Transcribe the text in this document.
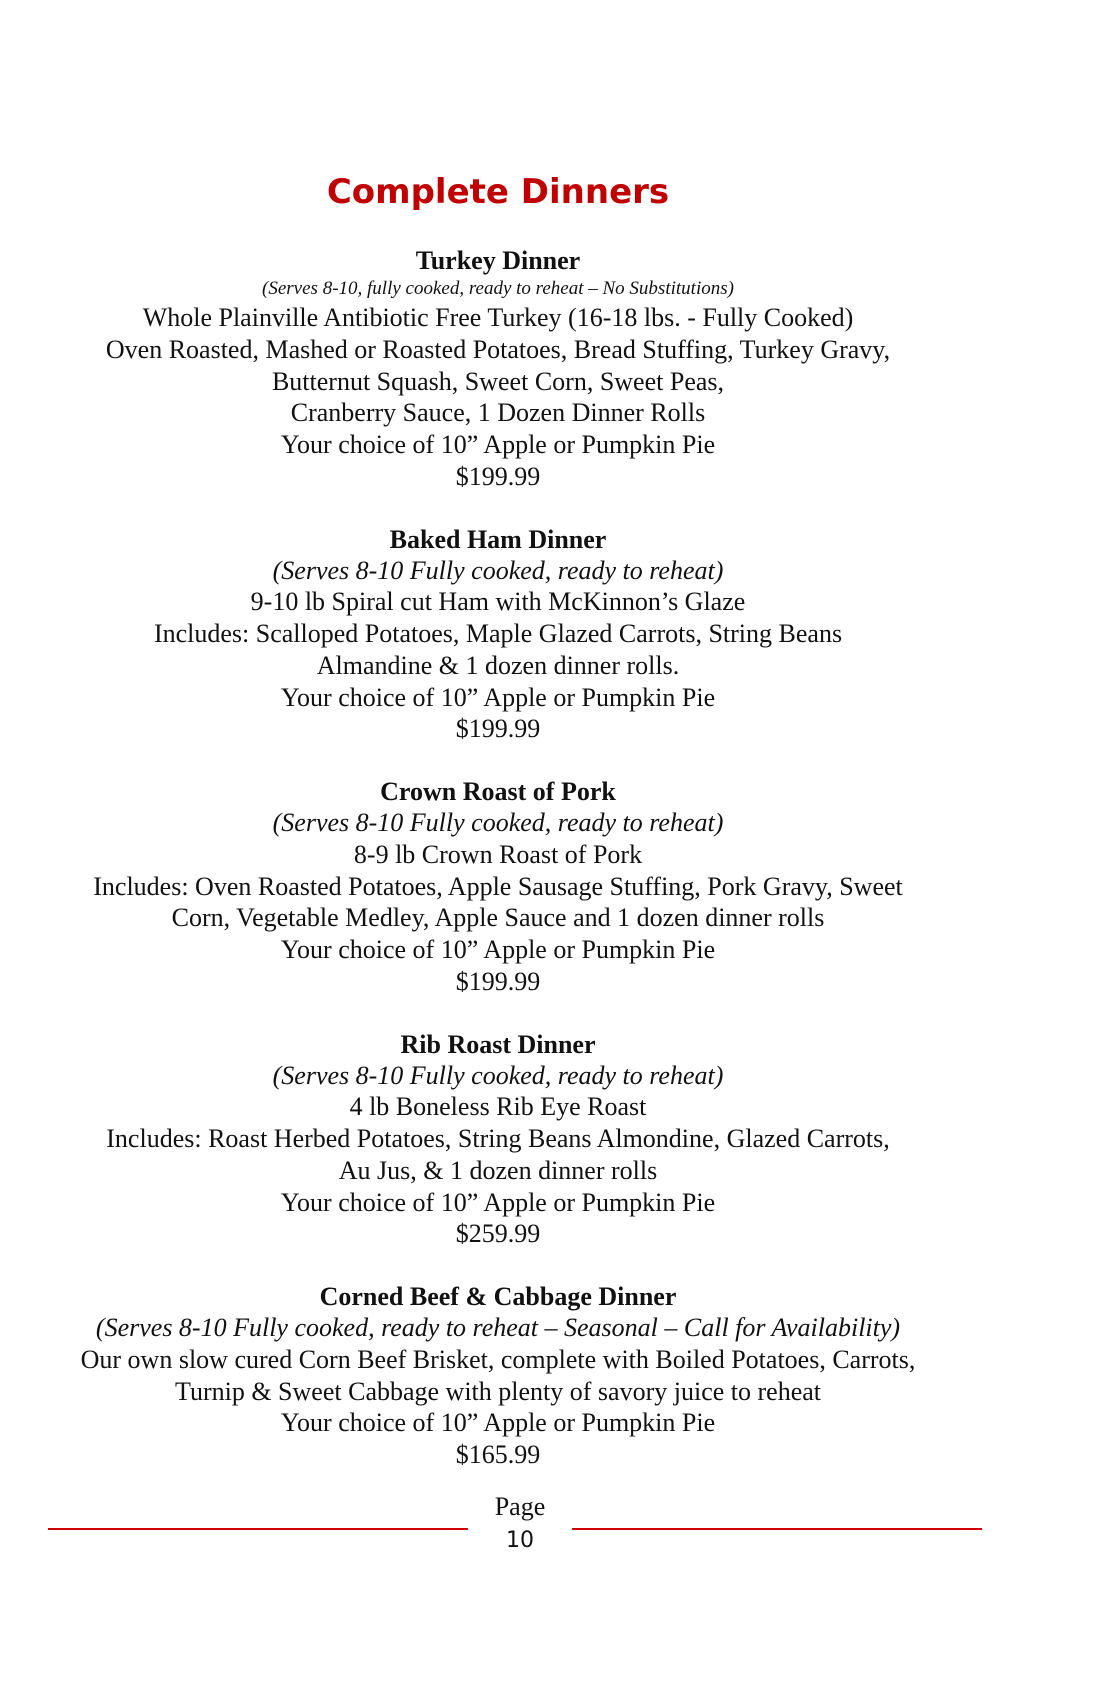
Complete Dinners
Turkey Dinner
(Serves 8-10, fully cooked, ready to reheat – No Substitutions)
Whole Plainville Antibiotic Free Turkey (16-18 lbs. - Fully Cooked)
Oven Roasted, Mashed or Roasted Potatoes, Bread Stuffing, Turkey Gravy,
Butternut Squash, Sweet Corn, Sweet Peas,
Cranberry Sauce, 1 Dozen Dinner Rolls
Your choice of 10” Apple or Pumpkin Pie
$199.99
Baked Ham Dinner
(Serves 8-10 Fully cooked, ready to reheat)
9-10 lb Spiral cut Ham with McKinnon’s Glaze
Includes: Scalloped Potatoes, Maple Glazed Carrots, String Beans
Almandine & 1 dozen dinner rolls.
Your choice of 10” Apple or Pumpkin Pie
$199.99
Crown Roast of Pork
(Serves 8-10 Fully cooked, ready to reheat)
8-9 lb Crown Roast of Pork
Includes: Oven Roasted Potatoes, Apple Sausage Stuffing, Pork Gravy, Sweet
Corn, Vegetable Medley, Apple Sauce and 1 dozen dinner rolls
Your choice of 10” Apple or Pumpkin Pie
$199.99
Rib Roast Dinner
(Serves 8-10 Fully cooked, ready to reheat)
4 lb Boneless Rib Eye Roast
Includes: Roast Herbed Potatoes, String Beans Almondine, Glazed Carrots,
Au Jus, & 1 dozen dinner rolls
Your choice of 10” Apple or Pumpkin Pie
$259.99
Corned Beef & Cabbage Dinner
(Serves 8-10 Fully cooked, ready to reheat – Seasonal – Call for Availability)
Our own slow cured Corn Beef Brisket, complete with Boiled Potatoes, Carrots,
Turnip & Sweet Cabbage with plenty of savory juice to reheat
Your choice of 10” Apple or Pumpkin Pie
$165.99
Page
10
